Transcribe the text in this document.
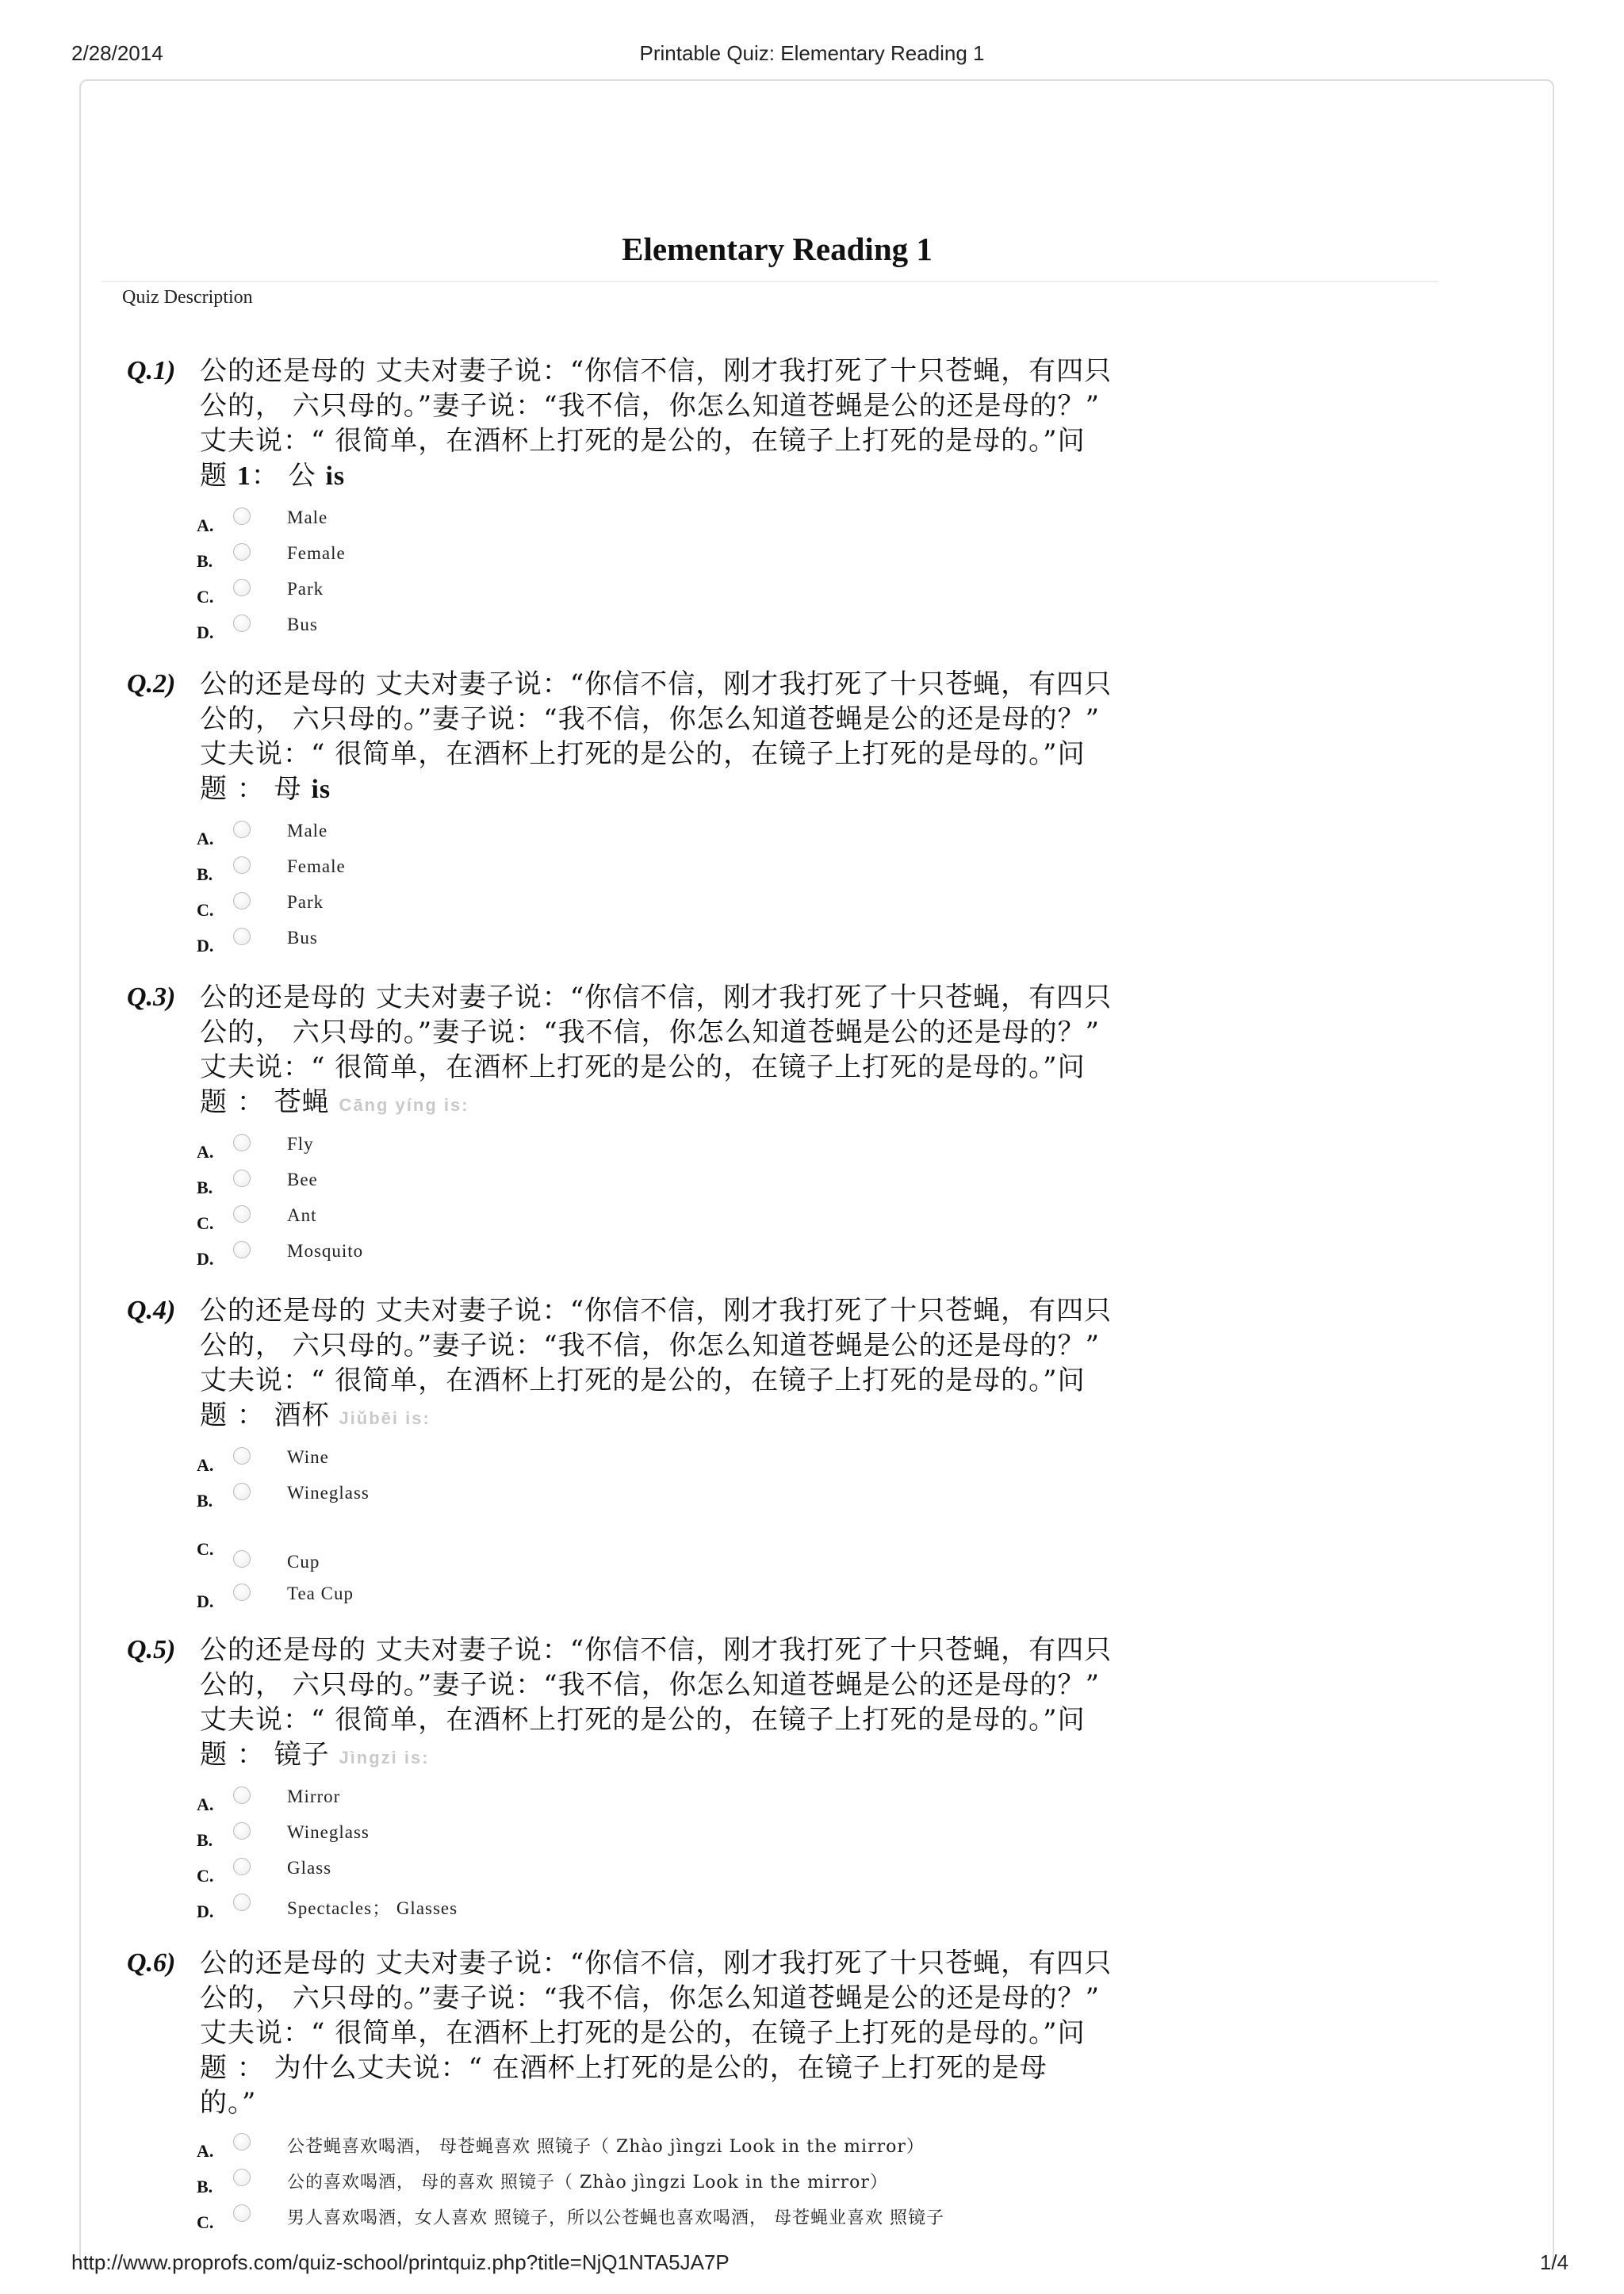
2/28/2014	Printable Quiz: Elementary Reading 1
Elementary Reading 1
Quiz Description
Q.1) 公的还是母的 丈夫对妻子说：“你信不信，刚才我打死了十只苍蝇，有四只
公的， 六只母的。”妻子说：“我不信，你怎么知道苍蝇是公的还是母的？”
丈夫说：“ 很简单，在酒杯上打死的是公的，在镜子上打死的是母的。”问
题 1： 公 is
A.	Male
B.	Female
C.	Park
D.	Bus
Q.2) 公的还是母的 丈夫对妻子说：“你信不信，刚才我打死了十只苍蝇，有四只
公的， 六只母的。”妻子说：“我不信，你怎么知道苍蝇是公的还是母的？”
丈夫说：“ 很简单，在酒杯上打死的是公的，在镜子上打死的是母的。”问
题 ： 母 is
A.	Male
B.	Female
C.	Park
D.	Bus
Q.3) 公的还是母的 丈夫对妻子说：“你信不信，刚才我打死了十只苍蝇，有四只
公的， 六只母的。”妻子说：“我不信，你怎么知道苍蝇是公的还是母的？”
丈夫说：“ 很简单，在酒杯上打死的是公的，在镜子上打死的是母的。”问
题 ： 苍蝇 Cāng yíng is:
A.	Fly
B.	Bee
C.	Ant
D.	Mosquito
Q.4) 公的还是母的 丈夫对妻子说：“你信不信，刚才我打死了十只苍蝇，有四只
公的， 六只母的。”妻子说：“我不信，你怎么知道苍蝇是公的还是母的？”
丈夫说：“ 很简单，在酒杯上打死的是公的，在镜子上打死的是母的。”问
题 ： 酒杯 Jiǔbēi is:
A.	Wine
B.	Wineglass
C.
Cup
D.	Tea Cup
Q.5) 公的还是母的 丈夫对妻子说：“你信不信，刚才我打死了十只苍蝇，有四只
公的， 六只母的。”妻子说：“我不信，你怎么知道苍蝇是公的还是母的？”
丈夫说：“ 很简单，在酒杯上打死的是公的，在镜子上打死的是母的。”问
题 ： 镜子 Jìngzi is:
A.	Mirror
B.	Wineglass
C.	Glass
D.	Spectacles； Glasses
Q.6) 公的还是母的 丈夫对妻子说：“你信不信，刚才我打死了十只苍蝇，有四只
公的， 六只母的。”妻子说：“我不信，你怎么知道苍蝇是公的还是母的？”
丈夫说：“ 很简单，在酒杯上打死的是公的，在镜子上打死的是母的。”问
题 ： 为什么丈夫说：“ 在酒杯上打死的是公的，在镜子上打死的是母
的。”
A.	公苍蝇喜欢喝酒， 母苍蝇喜欢 照镜子（ Zhào jìngzi Look in the mirror）
B.	公的喜欢喝酒， 母的喜欢 照镜子（ Zhào jìngzi Look in the mirror）
C.	男人喜欢喝酒，女人喜欢 照镜子，所以公苍蝇也喜欢喝酒， 母苍蝇业喜欢 照镜子
http://www.proprofs.com/quiz-school/printquiz.php?title=NjQ1NTA5JA7P	1/4
